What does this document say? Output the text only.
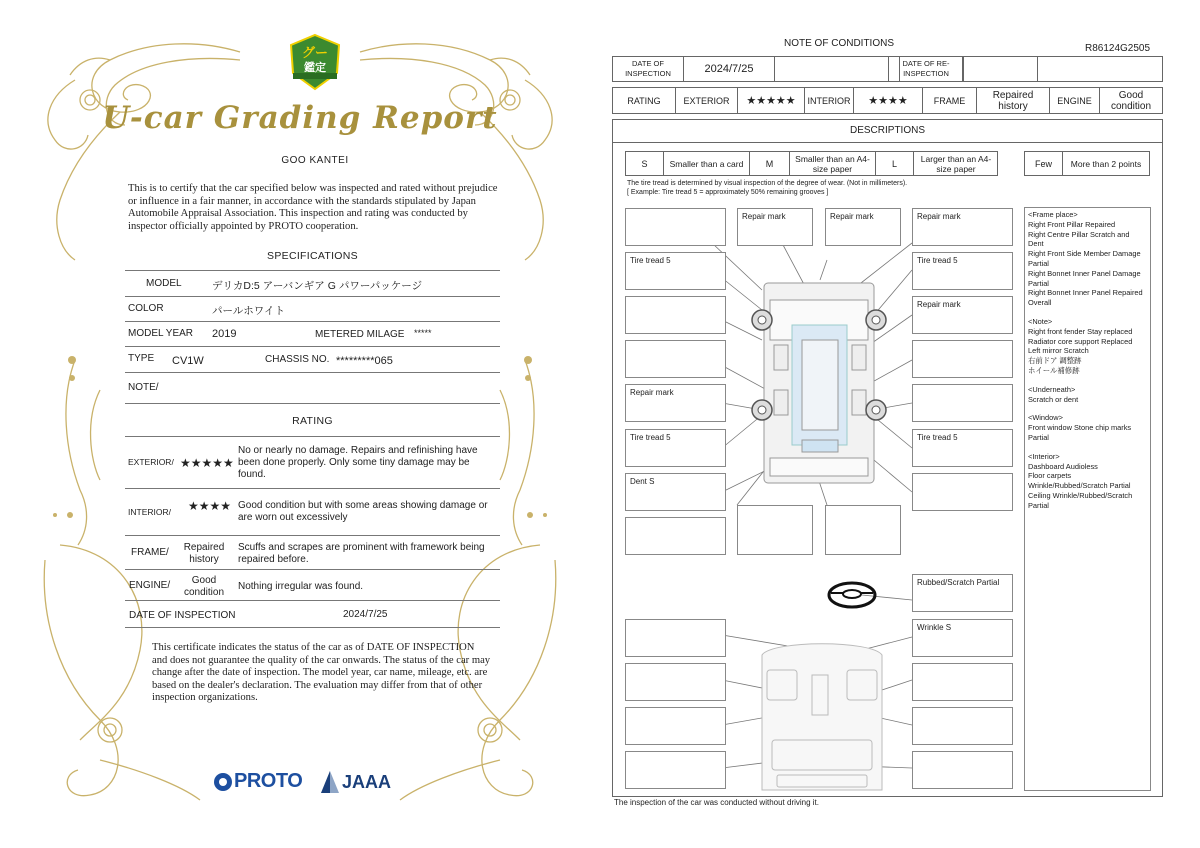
グー
鑑定
U-car Grading Report
GOO KANTEI
This is to certify that the car specified below was inspected and rated without prejudice or influence in a fair manner, in accordance with the standards stipulated by Japan Automobile Appraisal Association. This inspection and rating was conducted by inspector officially appointed by PROTO cooperation.
SPECIFICATIONS
MODEL	デリカD:5 アーバンギア G パワーパッケージ
COLOR	パールホワイト
MODEL YEAR 2019	METERED MILAGE *****
TYPE CV1W	CHASSIS NO. *********065
NOTE/
RATING
EXTERIOR/ ★★★★★
No or nearly no damage. Repairs and refinishing have been done properly. Only some tiny damage may be found.
INTERIOR/ ★★★★ Good condition but with some areas showing damage or are worn out excessively
FRAME/	Repaired history
Scuffs and scrapes are prominent with framework being repaired before.
ENGINE/	Good condition
Nothing irregular was found.
DATE OF INSPECTION	2024/7/25
This certificate indicates the status of the car as of DATE OF INSPECTION and does not guarantee the quality of the car onwards. The status of the car may change after the date of inspection. The model year, car name, mileage, etc. are based on the dealer's declaration. The evaluation may differ from that of other inspection organizations.
PROTO JAAA
NOTE OF CONDITIONS	R86124G2505
DATE OF INSPECTION	2024/7/25	DATE OF RE-INSPECTION
RATING	EXTERIOR	★★★★★	INTERIOR	★★★★	FRAME	Repaired history	ENGINE	Good condition
DESCRIPTIONS
S	Smaller than a card	M	Smaller than an A4-size paper	L	Larger than an A4-size paper	Few	More than 2 points
The tire tread is determined by visual inspection of the degree of wear. (Not in millimeters).
[ Example: Tire tread 5 = approximately 50% remaining grooves ]
Repair mark	Repair mark	Repair mark
Tire tread 5	Tire tread 5
Repair mark
Repair mark
Tire tread 5	Tire tread 5
Dent S
Rubbed/Scratch Partial
Wrinkle S
<Frame place>
Right Front Pillar Repaired
Right Centre Pillar Scratch and Dent
Right Front Side Member Damage Partial
Right Bonnet Inner Panel Damage Partial
Right Bonnet Inner Panel Repaired Overall
<Note>
Right front fender Stay replaced
Radiator core support Replaced
Left mirror Scratch
右前ドア 調整跡
ホイール補修跡
<Underneath>
Scratch or dent
<Window>
Front window Stone chip marks Partial
<Interior>
Dashboard Audioless
Floor carpets Wrinkle/Rubbed/Scratch Partial
Ceiling Wrinkle/Rubbed/Scratch Partial
The inspection of the car was conducted without driving it.
